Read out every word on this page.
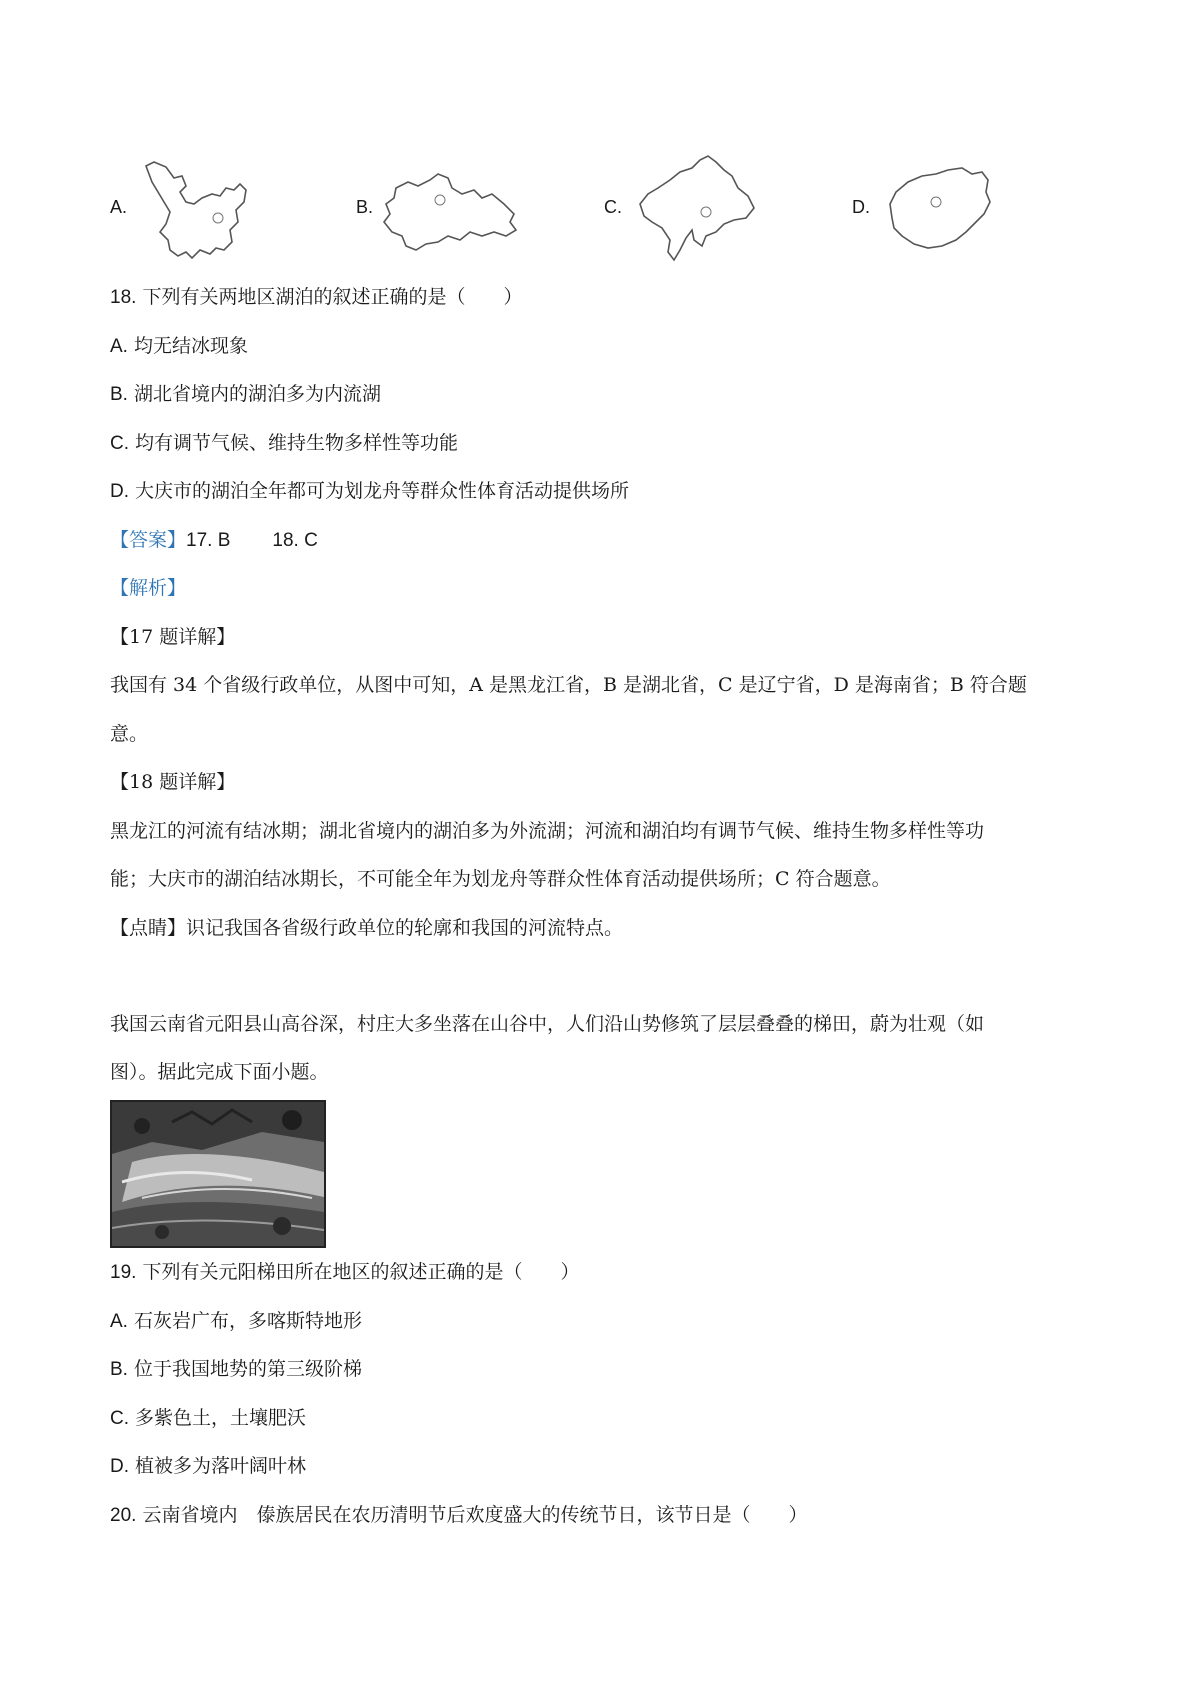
A.	B.	C.	D.
18. 下列有关两地区湖泊的叙述正确的是（　　）
A. 均无结冰现象
B. 湖北省境内的湖泊多为内流湖
C. 均有调节气候、维持生物多样性等功能
D. 大庆市的湖泊全年都可为划龙舟等群众性体育活动提供场所
【答案】17. B 18. C
【解析】
【17 题详解】
我国有 34 个省级行政单位，从图中可知，A 是黑龙江省，B 是湖北省，C 是辽宁省，D 是海南省；B 符合题
意。
【18 题详解】
黑龙江的河流有结冰期；湖北省境内的湖泊多为外流湖；河流和湖泊均有调节气候、维持生物多样性等功
能；大庆市的湖泊结冰期长，不可能全年为划龙舟等群众性体育活动提供场所；C 符合题意。
【点睛】识记我国各省级行政单位的轮廓和我国的河流特点。
我国云南省元阳县山高谷深，村庄大多坐落在山谷中，人们沿山势修筑了层层叠叠的梯田，蔚为壮观（如
图）。据此完成下面小题。
19. 下列有关元阳梯田所在地区的叙述正确的是（　　）
A. 石灰岩广布，多喀斯特地形
B. 位于我国地势的第三级阶梯
C. 多紫色土，土壤肥沃
D. 植被多为落叶阔叶林
20. 云南省境内　傣族居民在农历清明节后欢度盛大的传统节日，该节日是（　　）
